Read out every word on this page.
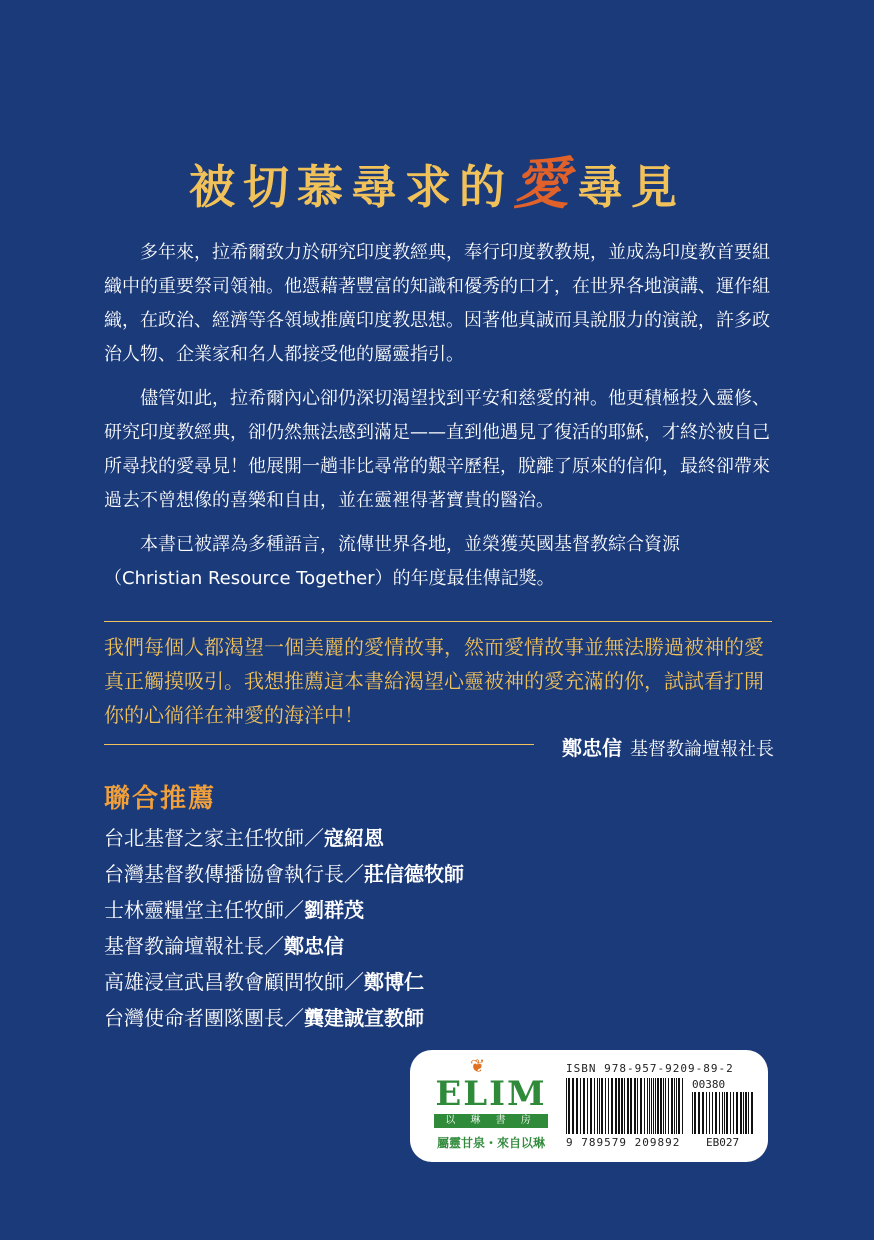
被切慕尋求的愛尋見

多年來，拉希爾致力於研究印度教經典，奉行印度教教規，並成為印度教首要組織中的重要祭司領袖。他憑藉著豐富的知識和優秀的口才，在世界各地演講、運作組織，在政治、經濟等各領域推廣印度教思想。因著他真誠而具說服力的演說，許多政治人物、企業家和名人都接受他的屬靈指引。

儘管如此，拉希爾內心卻仍深切渴望找到平安和慈愛的神。他更積極投入靈修、研究印度教經典，卻仍然無法感到滿足——直到他遇見了復活的耶穌，才終於被自己所尋找的愛尋見！他展開一趟非比尋常的艱辛歷程，脫離了原來的信仰，最終卻帶來過去不曾想像的喜樂和自由，並在靈裡得著寶貴的醫治。

本書已被譯為多種語言，流傳世界各地，並榮獲英國基督教綜合資源（Christian Resource Together）的年度最佳傳記獎。

我們每個人都渴望一個美麗的愛情故事，然而愛情故事並無法勝過被神的愛真正觸摸吸引。我想推薦這本書給渴望心靈被神的愛充滿的你，試試看打開你的心徜徉在神愛的海洋中！
鄭忠信 基督教論壇報社長
聯合推薦
台北基督之家主任牧師／寇紹恩
台灣基督教傳播協會執行長／莊信德牧師
士林靈糧堂主任牧師／劉群茂
基督教論壇報社長／鄭忠信
高雄浸宣武昌教會顧問牧師／鄭博仁
台灣使命者團隊團長／龔建誠宣教師
❦
ELIM
以 琳 書 房
屬靈甘泉・來自以琳
ISBN 978-957-9209-89-2
00380
9 789579 209892 EB027
